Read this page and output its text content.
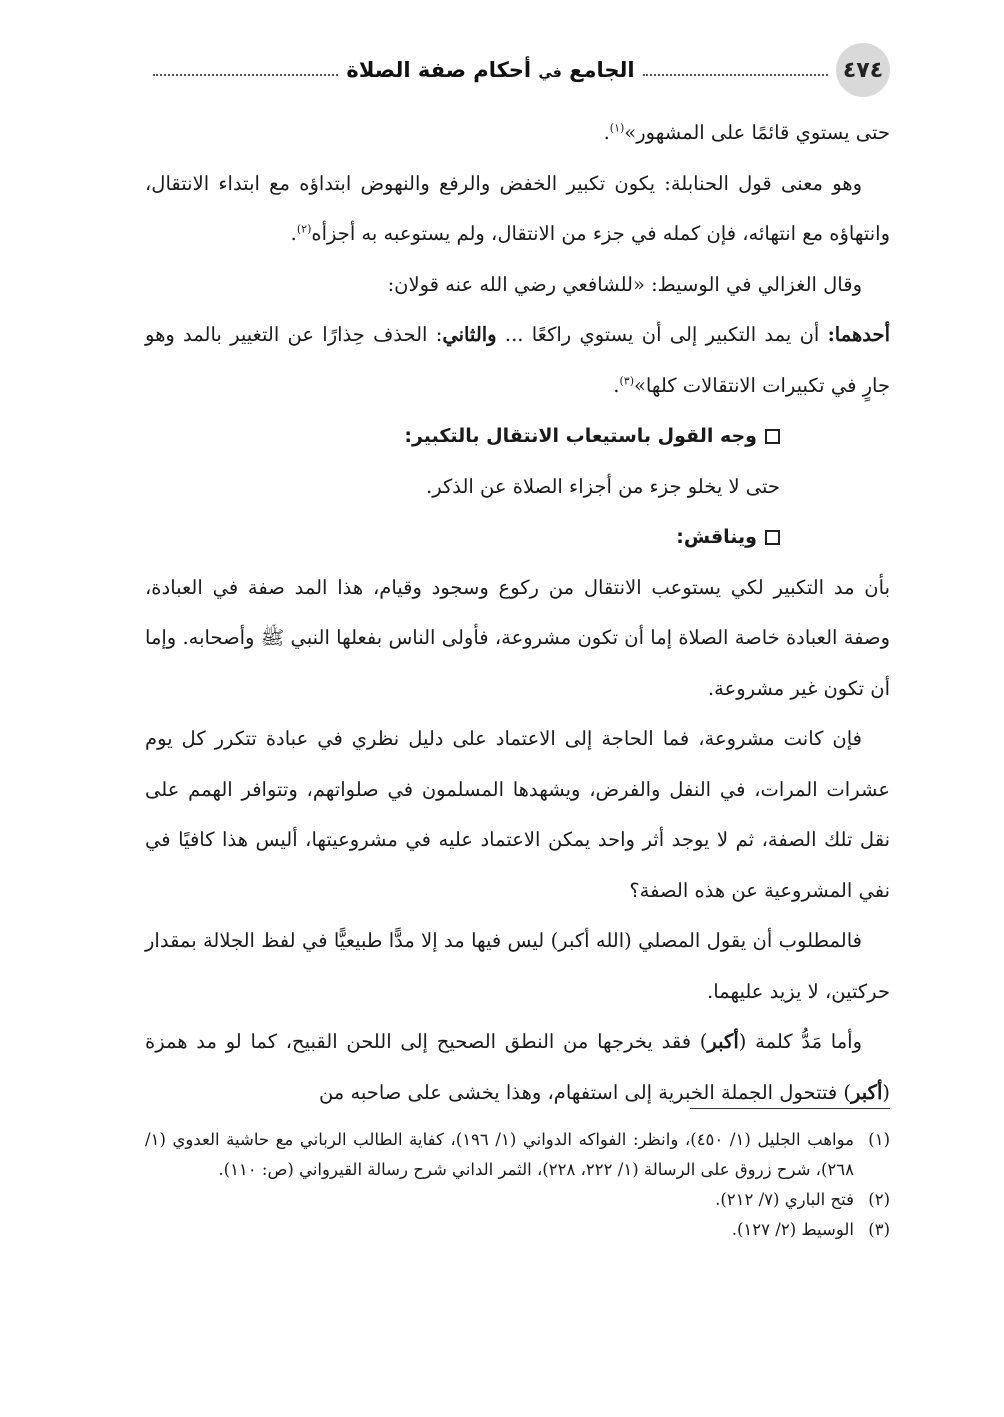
٤٧٤
الجامع ﻓﻲ أحكام صفة الصلاة

حتى يستوي قائمًا على المشهور»$^{(١)}$.

وهو معنى قول الحنابلة: يكون تكبير الخفض والرفع والنهوض ابتداؤه مع ابتداء الانتقال، وانتهاؤه مع انتهائه، فإن كمله في جزء من الانتقال، ولم يستوعبه به أجزأه$^{(٢)}$.

وقال الغزالي في الوسيط: «للشافعي رضي الله عنه قولان:

أحدهما: أن يمد التكبير إلى أن يستوي راكعًا ... والثاني: الحذف حِذارًا عن التغيير بالمد وهو جارٍ في تكبيرات الانتقالات كلها»$^{(٣)}$.

وجه القول باستيعاب الانتقال بالتكبير:

حتى لا يخلو جزء من أجزاء الصلاة عن الذكر.

ويناقش:

بأن مد التكبير لكي يستوعب الانتقال من ركوع وسجود وقيام، هذا المد صفة في العبادة، وصفة العبادة خاصة الصلاة إما أن تكون مشروعة، فأولى الناس بفعلها النبي ﷺ وأصحابه. وإما أن تكون غير مشروعة.

فإن كانت مشروعة، فما الحاجة إلى الاعتماد على دليل نظري في عبادة تتكرر كل يوم عشرات المرات، في النفل والفرض، ويشهدها المسلمون في صلواتهم، وتتوافر الهمم على نقل تلك الصفة، ثم لا يوجد أثر واحد يمكن الاعتماد عليه في مشروعيتها، أليس هذا كافيًا في نفي المشروعية عن هذه الصفة؟

فالمطلوب أن يقول المصلي (الله أكبر) ليس فيها مد إلا مدًّا طبيعيًّا في لفظ الجلالة بمقدار حركتين، لا يزيد عليهما.

وأما مَدُّ كلمة (أكبر) فقد يخرجها من النطق الصحيح إلى اللحن القبيح، كما لو مد همزة (أكبر) فتتحول الجملة الخبرية إلى استفهام، وهذا يخشى على صاحبه من

(١)
مواهب الجليل (١/ ٤٥٠)، وانظر: الفواكه الدواني (١/ ١٩٦)، كفاية الطالب الرباني مع حاشية العدوي (١/ ٢٦٨)، شرح زروق على الرسالة (١/ ٢٢٢، ٢٢٨)، الثمر الداني شرح رسالة القيرواني (ص: ١١٠).

(٢)
فتح الباري (٧/ ٢١٢).

(٣)
الوسيط (٢/ ١٢٧).
